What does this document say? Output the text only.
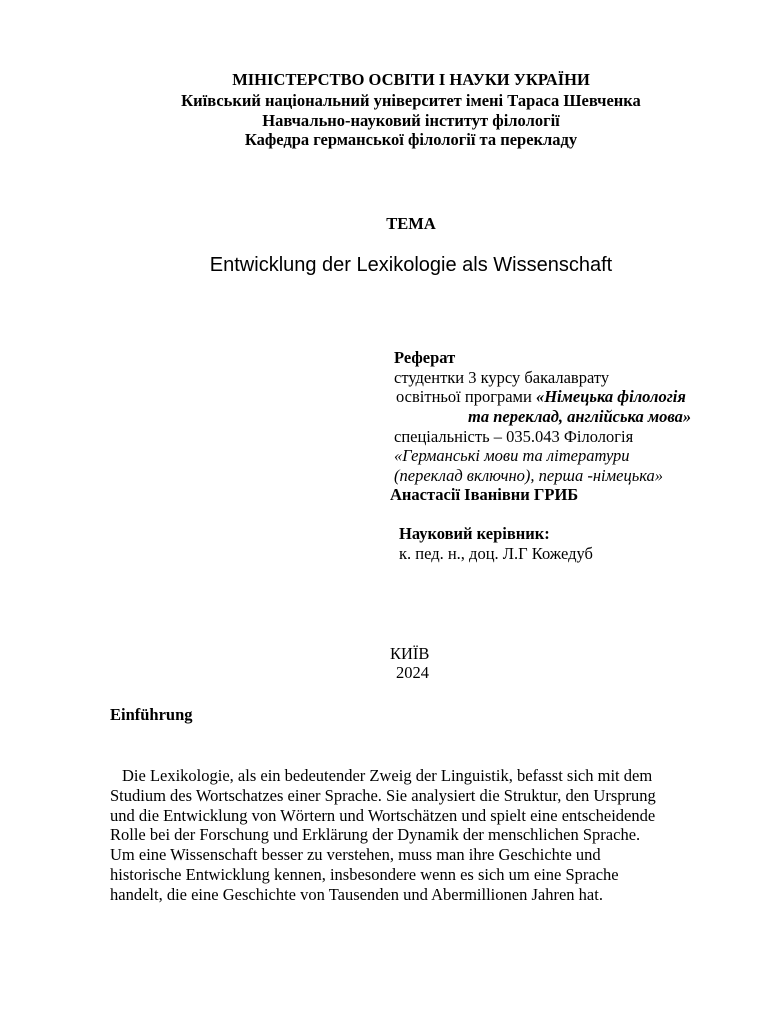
МІНІСТЕРСТВО ОСВІТИ І НАУКИ УКРАЇНИ
Київський національний університет імені Тараса Шевченка
Навчально-науковий інститут філології
Кафедра германської філології та перекладу
ТЕМА
Entwicklung der Lexikologie als Wissenschaft
Реферат
студентки 3 курсу бакалаврату
освітньої програми «Німецька філологія
та переклад, англійська мова»
спеціальність – 035.043 Філологія
«Германські мови та літератури
(переклад включно), перша -німецька»
Анастасії Іванівни ГРИБ
Науковий керівник:
к. пед. н., доц. Л.Г Кожедуб
КИЇВ
2024
Einführung
Die Lexikologie, als ein bedeutender Zweig der Linguistik, befasst sich mit dem
Studium des Wortschatzes einer Sprache. Sie analysiert die Struktur, den Ursprung
und die Entwicklung von Wörtern und Wortschätzen und spielt eine entscheidende
Rolle bei der Forschung und Erklärung der Dynamik der menschlichen Sprache.
Um eine Wissenschaft besser zu verstehen, muss man ihre Geschichte und
historische Entwicklung kennen, insbesondere wenn es sich um eine Sprache
handelt, die eine Geschichte von Tausenden und Abermillionen Jahren hat.
